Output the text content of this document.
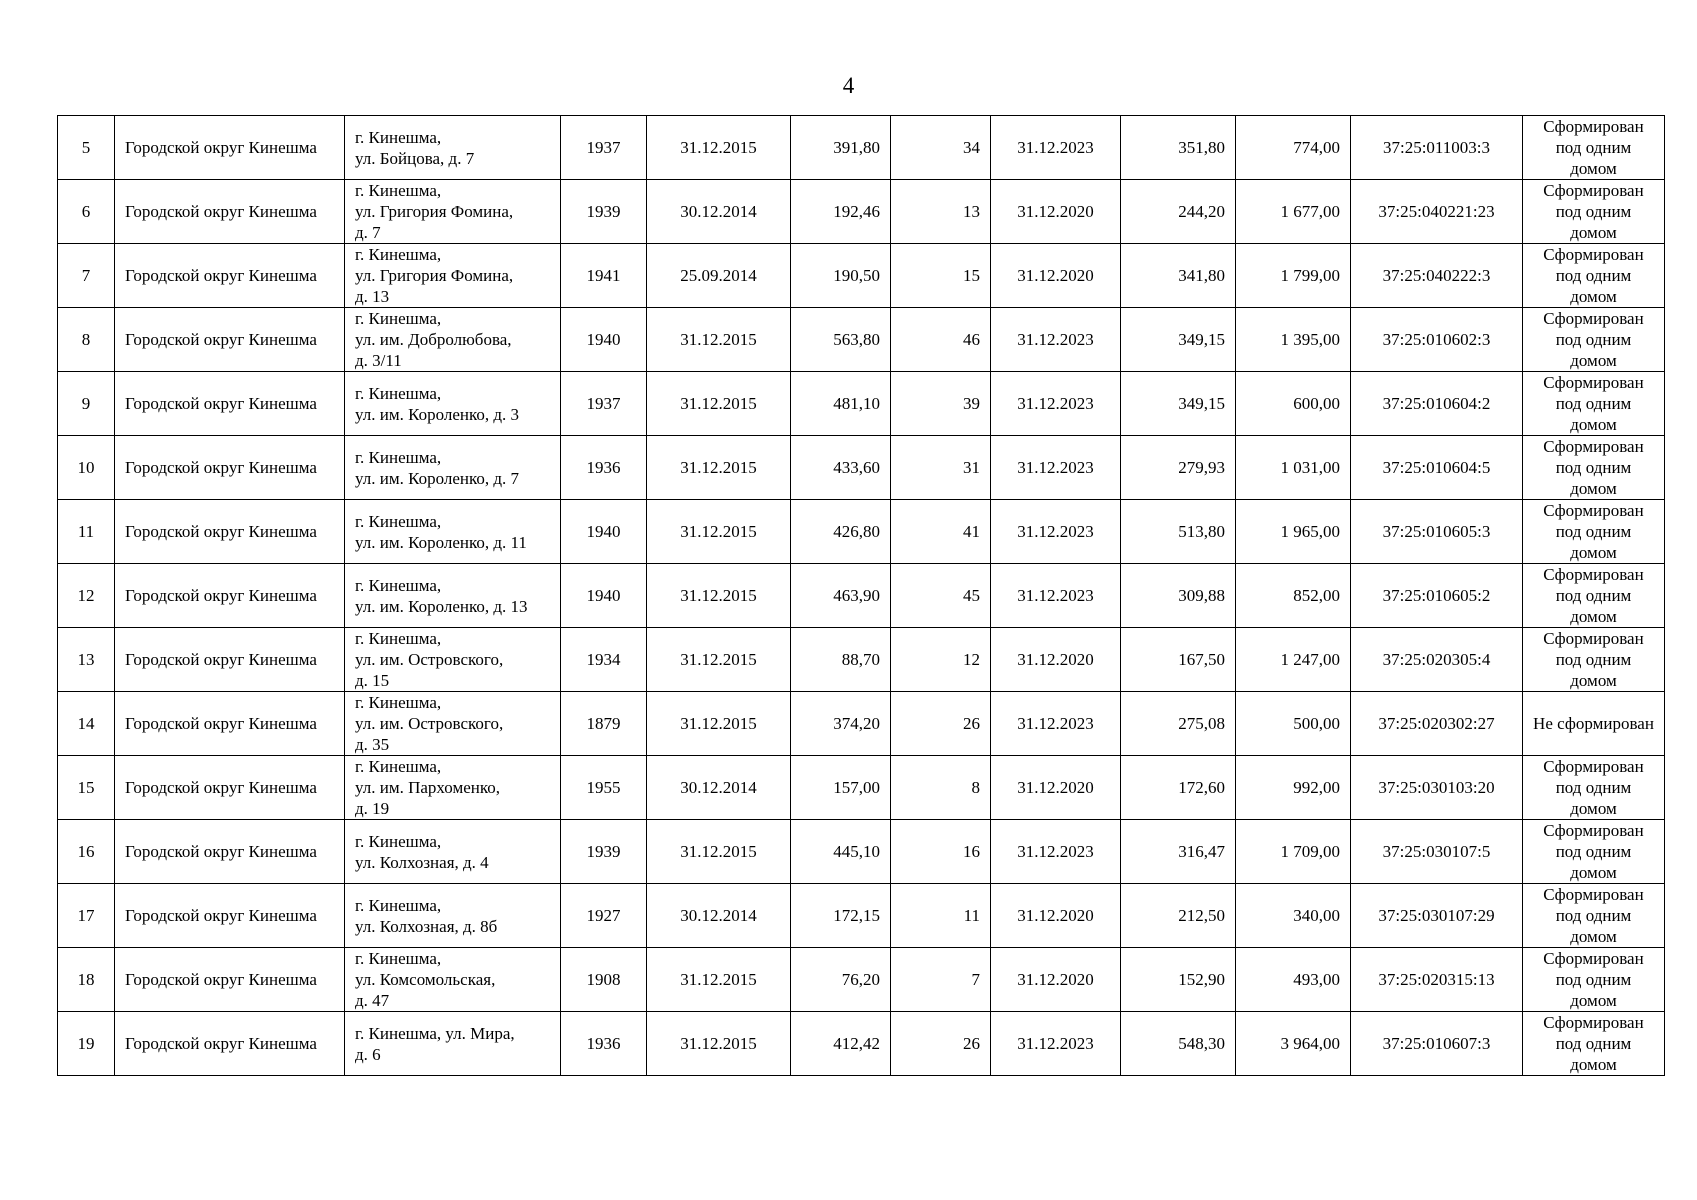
4
5	Городской округ Кинешма	г. Кинешма,
ул. Бойцова, д. 7	1937	31.12.2015	391,80	34	31.12.2023	351,80	774,00	37:25:011003:3	Сформирован под одним домом
6	Городской округ Кинешма	г. Кинешма,
ул. Григория Фомина,
д. 7	1939	30.12.2014	192,46	13	31.12.2020	244,20	1 677,00	37:25:040221:23	Сформирован под одним домом
7	Городской округ Кинешма	г. Кинешма,
ул. Григория Фомина,
д. 13	1941	25.09.2014	190,50	15	31.12.2020	341,80	1 799,00	37:25:040222:3	Сформирован под одним домом
8	Городской округ Кинешма	г. Кинешма,
ул. им. Добролюбова,
д. 3/11	1940	31.12.2015	563,80	46	31.12.2023	349,15	1 395,00	37:25:010602:3	Сформирован под одним домом
9	Городской округ Кинешма	г. Кинешма,
ул. им. Короленко, д. 3	1937	31.12.2015	481,10	39	31.12.2023	349,15	600,00	37:25:010604:2	Сформирован под одним домом
10	Городской округ Кинешма	г. Кинешма,
ул. им. Короленко, д. 7	1936	31.12.2015	433,60	31	31.12.2023	279,93	1 031,00	37:25:010604:5	Сформирован под одним домом
11	Городской округ Кинешма	г. Кинешма,
ул. им. Короленко, д. 11	1940	31.12.2015	426,80	41	31.12.2023	513,80	1 965,00	37:25:010605:3	Сформирован под одним домом
12	Городской округ Кинешма	г. Кинешма,
ул. им. Короленко, д. 13	1940	31.12.2015	463,90	45	31.12.2023	309,88	852,00	37:25:010605:2	Сформирован под одним домом
13	Городской округ Кинешма	г. Кинешма,
ул. им. Островского,
д. 15	1934	31.12.2015	88,70	12	31.12.2020	167,50	1 247,00	37:25:020305:4	Сформирован под одним домом
14	Городской округ Кинешма	г. Кинешма,
ул. им. Островского,
д. 35	1879	31.12.2015	374,20	26	31.12.2023	275,08	500,00	37:25:020302:27	Не сформирован
15	Городской округ Кинешма	г. Кинешма,
ул. им. Пархоменко,
д. 19	1955	30.12.2014	157,00	8	31.12.2020	172,60	992,00	37:25:030103:20	Сформирован под одним домом
16	Городской округ Кинешма	г. Кинешма,
ул. Колхозная, д. 4	1939	31.12.2015	445,10	16	31.12.2023	316,47	1 709,00	37:25:030107:5	Сформирован под одним домом
17	Городской округ Кинешма	г. Кинешма,
ул. Колхозная, д. 8б	1927	30.12.2014	172,15	11	31.12.2020	212,50	340,00	37:25:030107:29	Сформирован под одним домом
18	Городской округ Кинешма	г. Кинешма,
ул. Комсомольская,
д. 47	1908	31.12.2015	76,20	7	31.12.2020	152,90	493,00	37:25:020315:13	Сформирован под одним домом
19	Городской округ Кинешма	г. Кинешма, ул. Мира,
д. 6	1936	31.12.2015	412,42	26	31.12.2023	548,30	3 964,00	37:25:010607:3	Сформирован под одним домом
